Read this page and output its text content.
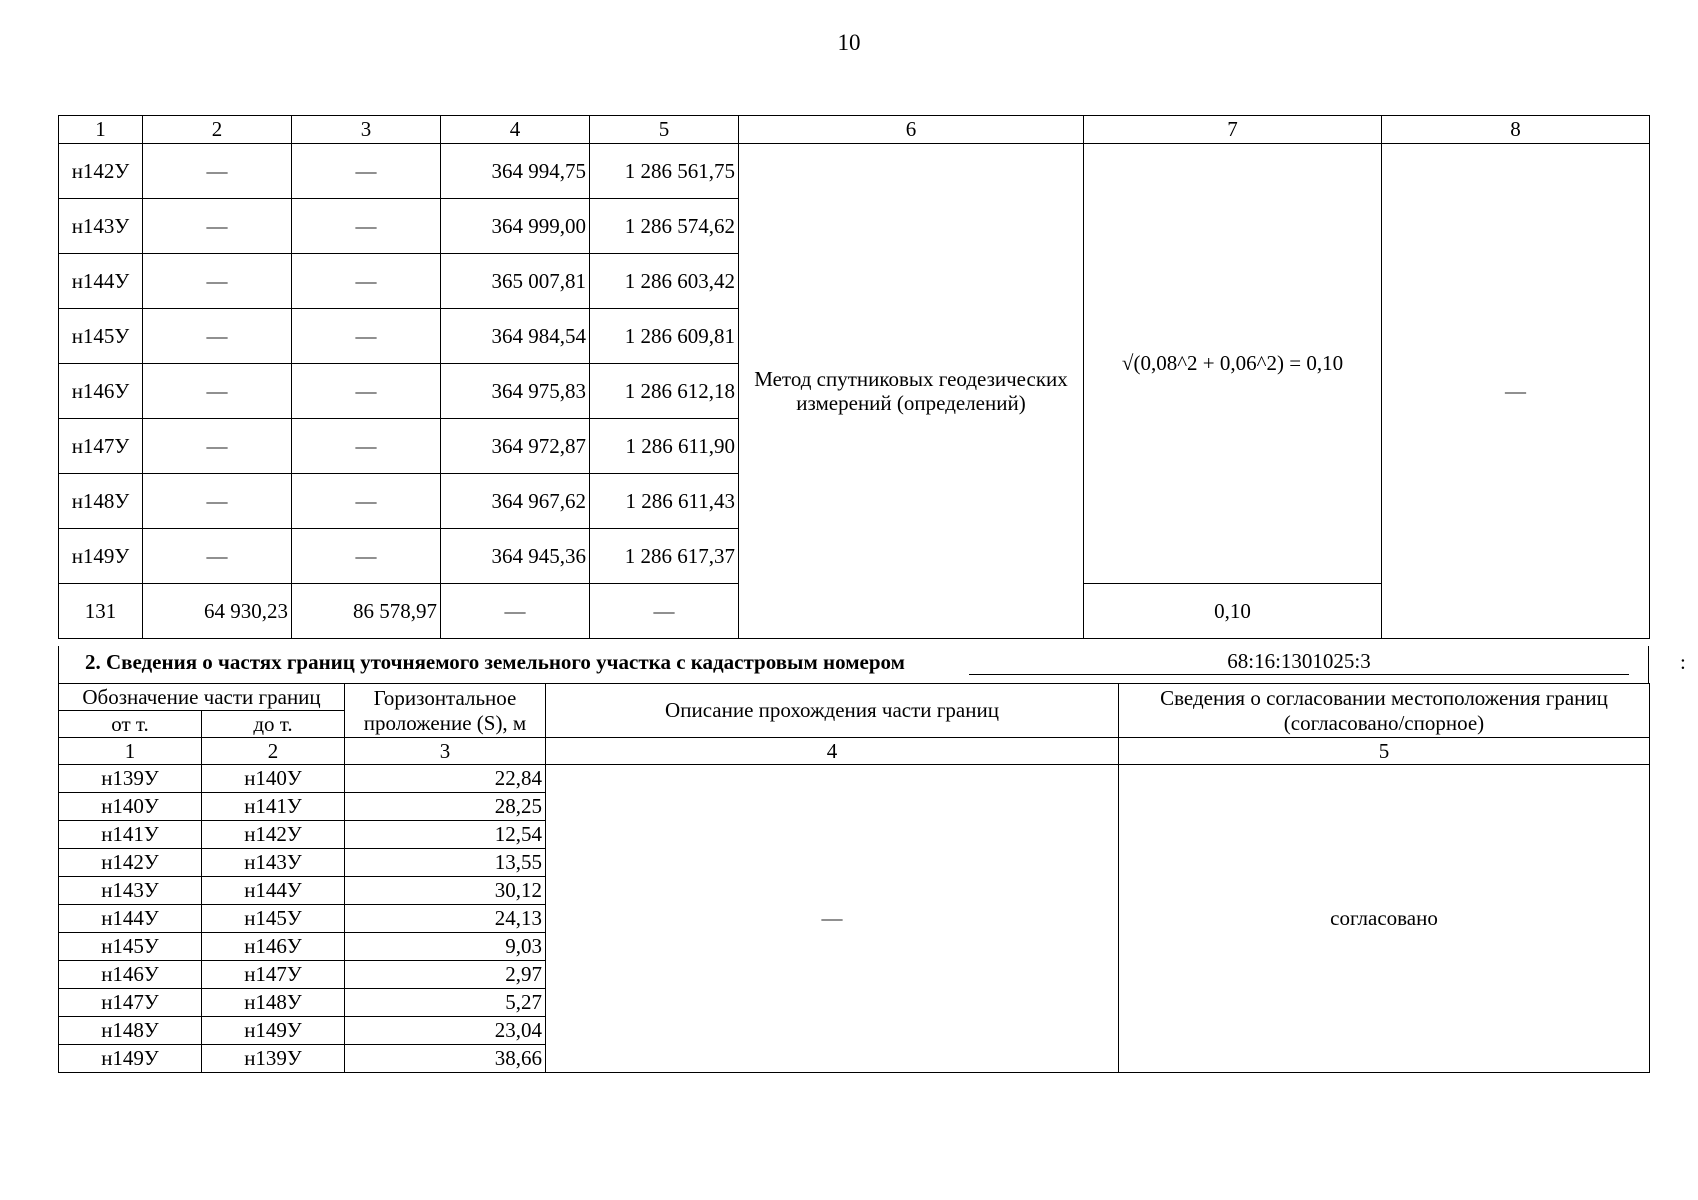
10
1	2	3	4	5	6	7	8
н142У	—	—	364 994,75	1 286 561,75	Метод спутниковых геодезических измерений (определений)	√(0,08^2 + 0,06^2) = 0,10	—
н143У	—	—	364 999,00	1 286 574,62			
н144У	—	—	365 007,81	1 286 603,42			
н145У	—	—	364 984,54	1 286 609,81			
н146У	—	—	364 975,83	1 286 612,18			
н147У	—	—	364 972,87	1 286 611,90			
н148У	—	—	364 967,62	1 286 611,43			
н149У	—	—	364 945,36	1 286 617,37			
131	64 930,23	86 578,97	—	—		0,10	
2. Сведения о частях границ уточняемого земельного участка с кадастровым номером	68:16:1301025:3	:
Обозначение части границ		Горизонтальное проложение (S), м	Описание прохождения части границ	Сведения о согласовании местоположения границ (согласовано/спорное)
от т.	до т.			
1	2	3	4	5
н139У	н140У	22,84	—	согласовано
н140У	н141У	28,25		
н141У	н142У	12,54		
н142У	н143У	13,55		
н143У	н144У	30,12		
н144У	н145У	24,13		
н145У	н146У	9,03		
н146У	н147У	2,97		
н147У	н148У	5,27		
н148У	н149У	23,04		
н149У	н139У	38,66		
